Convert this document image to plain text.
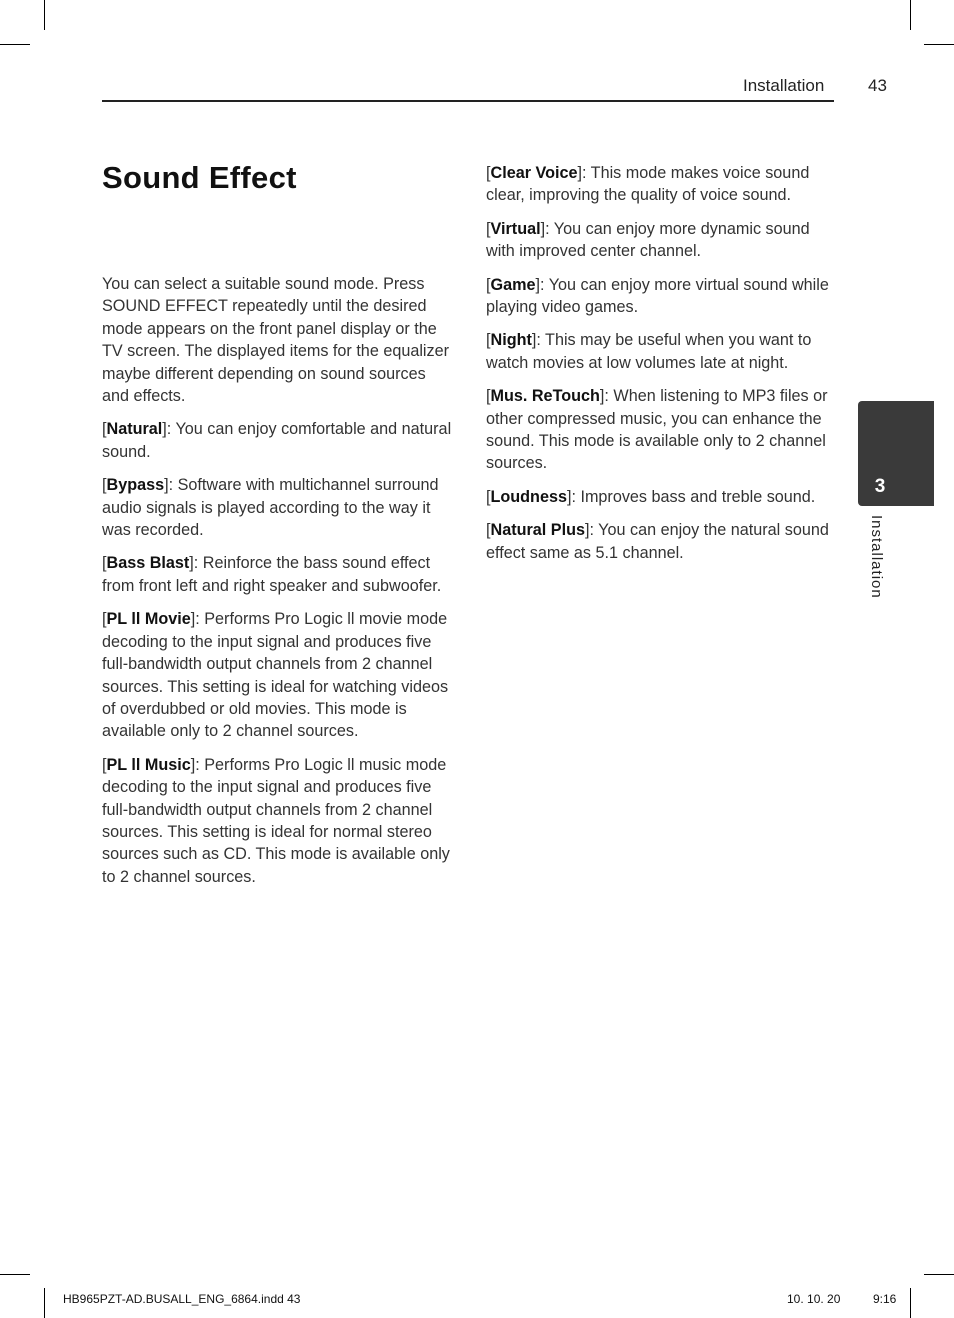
Installation	43
Sound Effect

You can select a suitable sound mode. Press SOUND EFFECT repeatedly until the desired mode appears on the front panel display or the TV screen. The displayed items for the equalizer maybe different depending on sound sources and effects.

[Natural]: You can enjoy comfortable and natural sound.

[Bypass]: Software with multichannel surround audio signals is played according to the way it was recorded.

[Bass Blast]: Reinforce the bass sound effect from front left and right speaker and subwoofer.

[PL ll Movie]: Performs Pro Logic ll movie mode decoding to the input signal and produces five full-bandwidth output channels from 2 channel sources. This setting is ideal for watching videos of overdubbed or old movies. This mode is available only to 2 channel sources.

[PL ll Music]: Performs Pro Logic ll music mode decoding to the input signal and produces five full-bandwidth output channels from 2 channel sources. This setting is ideal for normal stereo sources such as CD. This mode is available only to 2 channel sources.

[Clear Voice]: This mode makes voice sound clear, improving the quality of voice sound.

[Virtual]: You can enjoy more dynamic sound with improved center channel.

[Game]: You can enjoy more virtual sound while playing video games.

[Night]: This may be useful when you want to watch movies at low volumes late at night.

[Mus. ReTouch]: When listening to MP3 files or other compressed music, you can enhance the sound. This mode is available only to 2 channel sources.

[Loudness]: Improves bass and treble sound.

[Natural Plus]: You can enjoy the natural sound effect same as 5.1 channel.

3
Installation
HB965PZT-AD.BUSALL_ENG_6864.indd 43	10. 10. 20	9:16
